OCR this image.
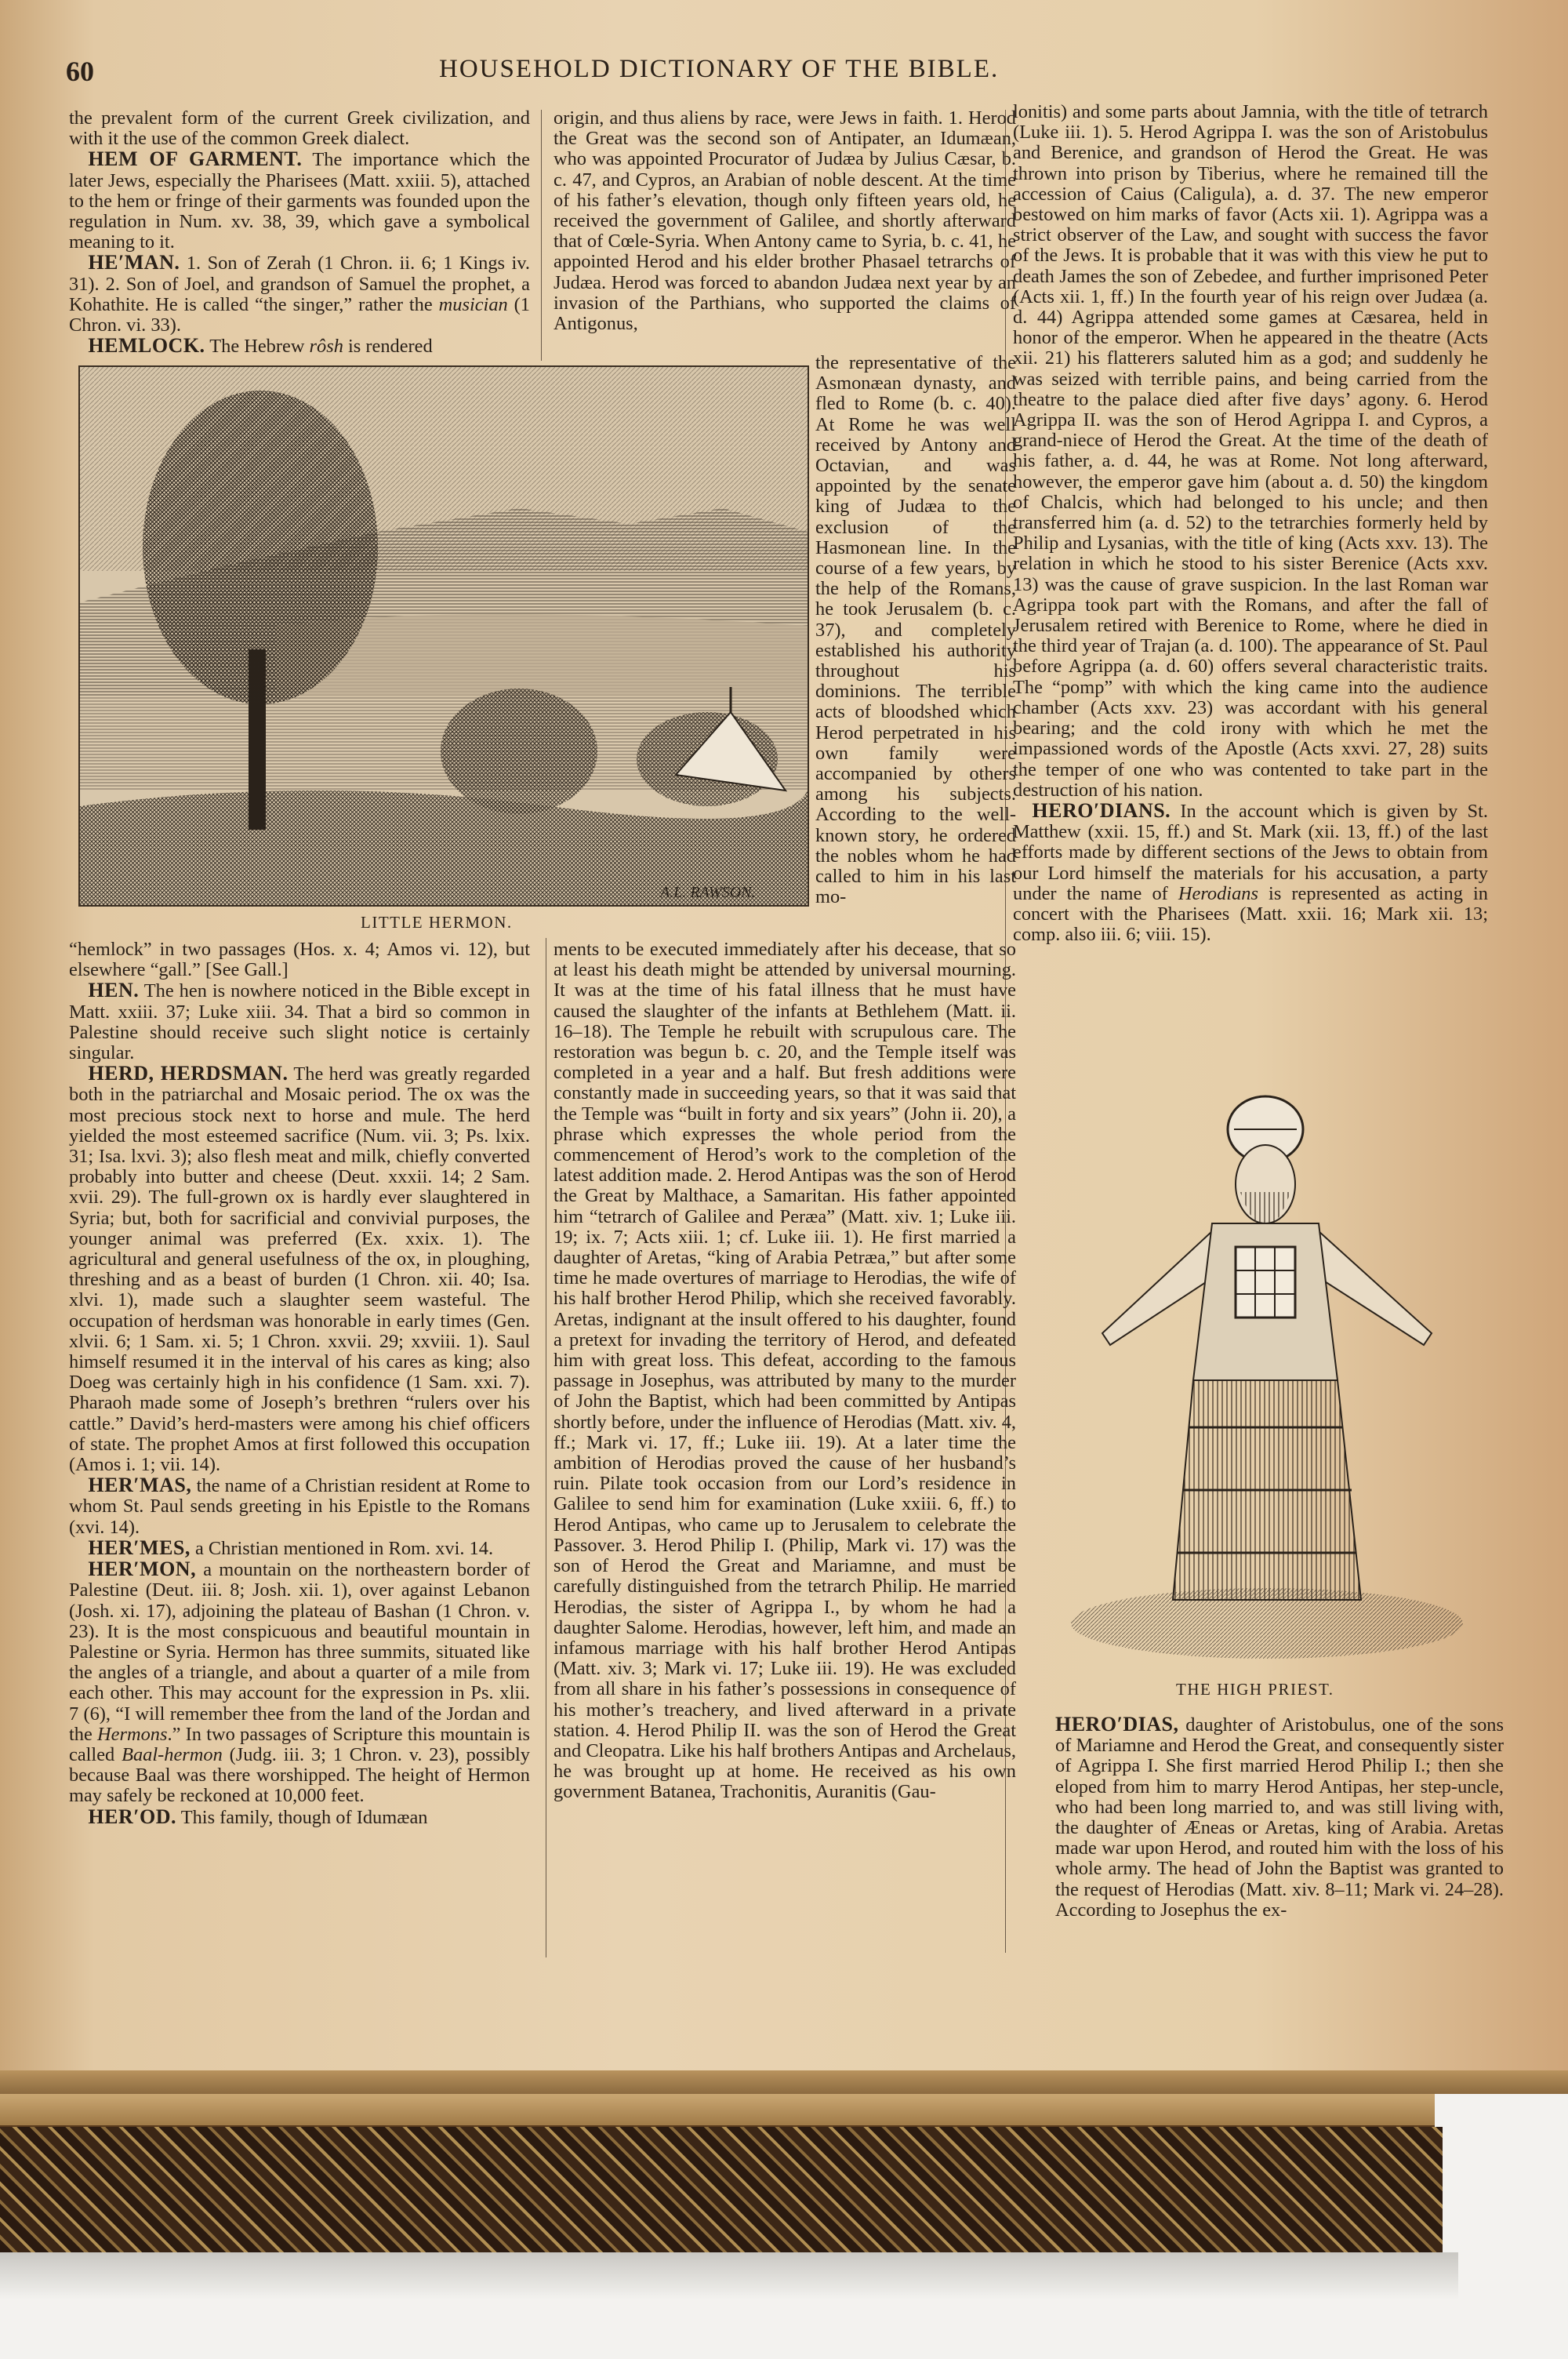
60	HOUSEHOLD DICTIONARY OF THE BIBLE.

the prevalent form of the current Greek civilization, and with it the use of the common Greek dialect.

 HEM OF GARMENT. The importance which the later Jews, especially the Pharisees (Matt. xxiii. 5), attached to the hem or fringe of their garments was founded upon the regulation in Num. xv. 38, 39, which gave a symbolical meaning to it.

 HE′MAN. 1. Son of Zerah (1 Chron. ii. 6; 1 Kings iv. 31). 2. Son of Joel, and grandson of Samuel the prophet, a Kohathite. He is called “the singer,” rather the musician (1 Chron. vi. 33).

 HEMLOCK. The Hebrew rôsh is rendered

origin, and thus aliens by race, were Jews in faith. 1. Herod the Great was the second son of Antipater, an Idumæan, who was appointed Procurator of Judæa by Julius Cæsar, b. c. 47, and Cypros, an Arabian of noble descent. At the time of his father’s elevation, though only fifteen years old, he received the government of Galilee, and shortly afterward that of Cœle-Syria. When Antony came to Syria, b. c. 41, he appointed Herod and his elder brother Phasael tetrarchs of Judæa. Herod was forced to abandon Judæa next year by an invasion of the Parthians, who supported the claims of Antigonus,

the representative of the Asmonæan dynasty, and fled to Rome (b. c. 40). At Rome he was well received by Antony and Octavian, and was appointed by the senate king of Judæa to the exclusion of the Hasmonean line. In the course of a few years, by the help of the Romans, he took Jerusalem (b. c. 37), and completely established his authority throughout his dominions. The terrible acts of bloodshed which Herod perpetrated in his own family were accompanied by others among his subjects. According to the well-known story, he ordered the nobles whom he had called to him in his last mo-

A.L. RAWSON.
LITTLE HERMON.

“hemlock” in two passages (Hos. x. 4; Amos vi. 12), but elsewhere “gall.” [See Gall.]

 HEN. The hen is nowhere noticed in the Bible except in Matt. xxiii. 37; Luke xiii. 34. That a bird so common in Palestine should receive such slight notice is certainly singular.

 HERD, HERDSMAN. The herd was greatly regarded both in the patriarchal and Mosaic period. The ox was the most precious stock next to horse and mule. The herd yielded the most esteemed sacrifice (Num. vii. 3; Ps. lxix. 31; Isa. lxvi. 3); also flesh meat and milk, chiefly converted probably into butter and cheese (Deut. xxxii. 14; 2 Sam. xvii. 29). The full-grown ox is hardly ever slaughtered in Syria; but, both for sacrificial and convivial purposes, the younger animal was preferred (Ex. xxix. 1). The agricultural and general usefulness of the ox, in ploughing, threshing and as a beast of burden (1 Chron. xii. 40; Isa. xlvi. 1), made such a slaughter seem wasteful. The occupation of herdsman was honorable in early times (Gen. xlvii. 6; 1 Sam. xi. 5; 1 Chron. xxvii. 29; xxviii. 1). Saul himself resumed it in the interval of his cares as king; also Doeg was certainly high in his confidence (1 Sam. xxi. 7). Pharaoh made some of Joseph’s brethren “rulers over his cattle.” David’s herd-masters were among his chief officers of state. The prophet Amos at first followed this occupation (Amos i. 1; vii. 14).

 HER′MAS, the name of a Christian resident at Rome to whom St. Paul sends greeting in his Epistle to the Romans (xvi. 14).

 HER′MES, a Christian mentioned in Rom. xvi. 14.

 HER′MON, a mountain on the northeastern border of Palestine (Deut. iii. 8; Josh. xii. 1), over against Lebanon (Josh. xi. 17), adjoining the plateau of Bashan (1 Chron. v. 23). It is the most conspicuous and beautiful mountain in Palestine or Syria. Hermon has three summits, situated like the angles of a triangle, and about a quarter of a mile from each other. This may account for the expression in Ps. xlii. 7 (6), “I will remember thee from the land of the Jordan and the Hermons.” In two passages of Scripture this mountain is called Baal-hermon (Judg. iii. 3; 1 Chron. v. 23), possibly because Baal was there worshipped. The height of Hermon may safely be reckoned at 10,000 feet.

 HER′OD. This family, though of Idumæan

ments to be executed immediately after his decease, that so at least his death might be attended by universal mourning. It was at the time of his fatal illness that he must have caused the slaughter of the infants at Bethlehem (Matt. ii. 16–18). The Temple he rebuilt with scrupulous care. The restoration was begun b. c. 20, and the Temple itself was completed in a year and a half. But fresh additions were constantly made in succeeding years, so that it was said that the Temple was “built in forty and six years” (John ii. 20), a phrase which expresses the whole period from the commencement of Herod’s work to the completion of the latest addition made. 2. Herod Antipas was the son of Herod the Great by Malthace, a Samaritan. His father appointed him “tetrarch of Galilee and Peræa” (Matt. xiv. 1; Luke iii. 19; ix. 7; Acts xiii. 1; cf. Luke iii. 1). He first married a daughter of Aretas, “king of Arabia Petræa,” but after some time he made overtures of marriage to Herodias, the wife of his half brother Herod Philip, which she received favorably. Aretas, indignant at the insult offered to his daughter, found a pretext for invading the territory of Herod, and defeated him with great loss. This defeat, according to the famous passage in Josephus, was attributed by many to the murder of John the Baptist, which had been committed by Antipas shortly before, under the influence of Herodias (Matt. xiv. 4, ff.; Mark vi. 17, ff.; Luke iii. 19). At a later time the ambition of Herodias proved the cause of her husband’s ruin. Pilate took occasion from our Lord’s residence in Galilee to send him for examination (Luke xxiii. 6, ff.) to Herod Antipas, who came up to Jerusalem to celebrate the Passover. 3. Herod Philip I. (Philip, Mark vi. 17) was the son of Herod the Great and Mariamne, and must be carefully distinguished from the tetrarch Philip. He married Herodias, the sister of Agrippa I., by whom he had a daughter Salome. Herodias, however, left him, and made an infamous marriage with his half brother Herod Antipas (Matt. xiv. 3; Mark vi. 17; Luke iii. 19). He was excluded from all share in his father’s possessions in consequence of his mother’s treachery, and lived afterward in a private station. 4. Herod Philip II. was the son of Herod the Great and Cleopatra. Like his half brothers Antipas and Archelaus, he was brought up at home. He received as his own government Batanea, Trachonitis, Auranitis (Gau-

lonitis) and some parts about Jamnia, with the title of tetrarch (Luke iii. 1). 5. Herod Agrippa I. was the son of Aristobulus and Berenice, and grandson of Herod the Great. He was thrown into prison by Tiberius, where he remained till the accession of Caius (Caligula), a. d. 37. The new emperor bestowed on him marks of favor (Acts xii. 1). Agrippa was a strict observer of the Law, and sought with success the favor of the Jews. It is probable that it was with this view he put to death James the son of Zebedee, and further imprisoned Peter (Acts xii. 1, ff.) In the fourth year of his reign over Judæa (a. d. 44) Agrippa attended some games at Cæsarea, held in honor of the emperor. When he appeared in the theatre (Acts xii. 21) his flatterers saluted him as a god; and suddenly he was seized with terrible pains, and being carried from the theatre to the palace died after five days’ agony. 6. Herod Agrippa II. was the son of Herod Agrippa I. and Cypros, a grand-niece of Herod the Great. At the time of the death of his father, a. d. 44, he was at Rome. Not long afterward, however, the emperor gave him (about a. d. 50) the kingdom of Chalcis, which had belonged to his uncle; and then transferred him (a. d. 52) to the tetrarchies formerly held by Philip and Lysanias, with the title of king (Acts xxv. 13). The relation in which he stood to his sister Berenice (Acts xxv. 13) was the cause of grave suspicion. In the last Roman war Agrippa took part with the Romans, and after the fall of Jerusalem retired with Berenice to Rome, where he died in the third year of Trajan (a. d. 100). The appearance of St. Paul before Agrippa (a. d. 60) offers several characteristic traits. The “pomp” with which the king came into the audience chamber (Acts xxv. 23) was accordant with his general bearing; and the cold irony with which he met the impassioned words of the Apostle (Acts xxvi. 27, 28) suits the temper of one who was contented to take part in the destruction of his nation.

 HERO′DIANS. In the account which is given by St. Matthew (xxii. 15, ff.) and St. Mark (xii. 13, ff.) of the last efforts made by different sections of the Jews to obtain from our Lord himself the materials for his accusation, a party under the name of Herodians is represented as acting in concert with the Pharisees (Matt. xxii. 16; Mark xii. 13; comp. also iii. 6; viii. 15).

THE HIGH PRIEST.

HERO′DIAS, daughter of Aristobulus, one of the sons of Mariamne and Herod the Great, and consequently sister of Agrippa I. She first married Herod Philip I.; then she eloped from him to marry Herod Antipas, her step-uncle, who had been long married to, and was still living with, the daughter of Æneas or Aretas, king of Arabia. Aretas made war upon Herod, and routed him with the loss of his whole army. The head of John the Baptist was granted to the request of Herodias (Matt. xiv. 8–11; Mark vi. 24–28). According to Josephus the ex-
